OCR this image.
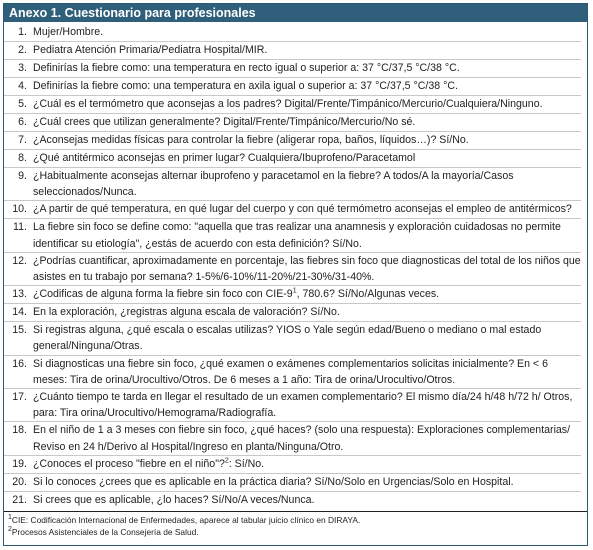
Anexo 1. Cuestionario para profesionales
1. Mujer/Hombre.
2. Pediatra Atención Primaria/Pediatra Hospital/MIR.
3. Definirías la fiebre como: una temperatura en recto igual o superior a: 37 °C/37,5 °C/38 °C.
4. Definirías la fiebre como: una temperatura en axila igual o superior a: 37 °C/37,5 °C/38 °C.
5. ¿Cuál es el termómetro que aconsejas a los padres? Digital/Frente/Timpánico/Mercurio/Cualquiera/Ninguno.
6. ¿Cuál crees que utilizan generalmente? Digital/Frente/Timpánico/Mercurio/No sé.
7. ¿Aconsejas medidas físicas para controlar la fiebre (aligerar ropa, baños, líquidos…)? Sí/No.
8. ¿Qué antitérmico aconsejas en primer lugar? Cualquiera/Ibuprofeno/Paracetamol
9. ¿Habitualmente aconsejas alternar ibuprofeno y paracetamol en la fiebre? A todos/A la mayoría/Casos seleccionados/Nunca.
10. ¿A partir de qué temperatura, en qué lugar del cuerpo y con qué termómetro aconsejas el empleo de antitérmicos?
11. La fiebre sin foco se define como: "aquella que tras realizar una anamnesis y exploración cuidadosas no permite identificar su etiología", ¿estás de acuerdo con esta definición? Sí/No.
12. ¿Podrías cuantificar, aproximadamente en porcentaje, las fiebres sin foco que diagnosticas del total de los niños que asistes en tu trabajo por semana? 1-5%/6-10%/11-20%/21-30%/31-40%.
13. ¿Codificas de alguna forma la fiebre sin foco con CIE-$9^1$, 780.6? Sí/No/Algunas veces.
14. En la exploración, ¿registras alguna escala de valoración? Sí/No.
15. Si registras alguna, ¿qué escala o escalas utilizas? YIOS o Yale según edad/Bueno o mediano o mal estado general/Ninguna/Otras.
16. Si diagnosticas una fiebre sin foco, ¿qué examen o exámenes complementarios solicitas inicialmente? En < 6 meses: Tira de orina/Urocultivo/Otros. De 6 meses a 1 año: Tira de orina/Urocultivo/Otros.
17. ¿Cuánto tiempo te tarda en llegar el resultado de un examen complementario? El mismo día/24 h/48 h/72 h/ Otros, para: Tira orina/Urocultivo/Hemograma/Radiografía.
18. En el niño de 1 a 3 meses con fiebre sin foco, ¿qué haces? (solo una respuesta): Exploraciones complementarias/ Reviso en 24 h/Derivo al Hospital/Ingreso en planta/Ninguna/Otro.
19. ¿Conoces el proceso "fiebre en el niño"?$^2$: Sí/No.
20. Si lo conoces ¿crees que es aplicable en la práctica diaria? Sí/No/Solo en Urgencias/Solo en Hospital.
21. Si crees que es aplicable, ¿lo haces? Sí/No/A veces/Nunca.
$^1$CIE: Codificación Internacional de Enfermedades, aparece al tabular juicio clínico en DIRAYA.
$^2$Procesos Asistenciales de la Consejería de Salud.
